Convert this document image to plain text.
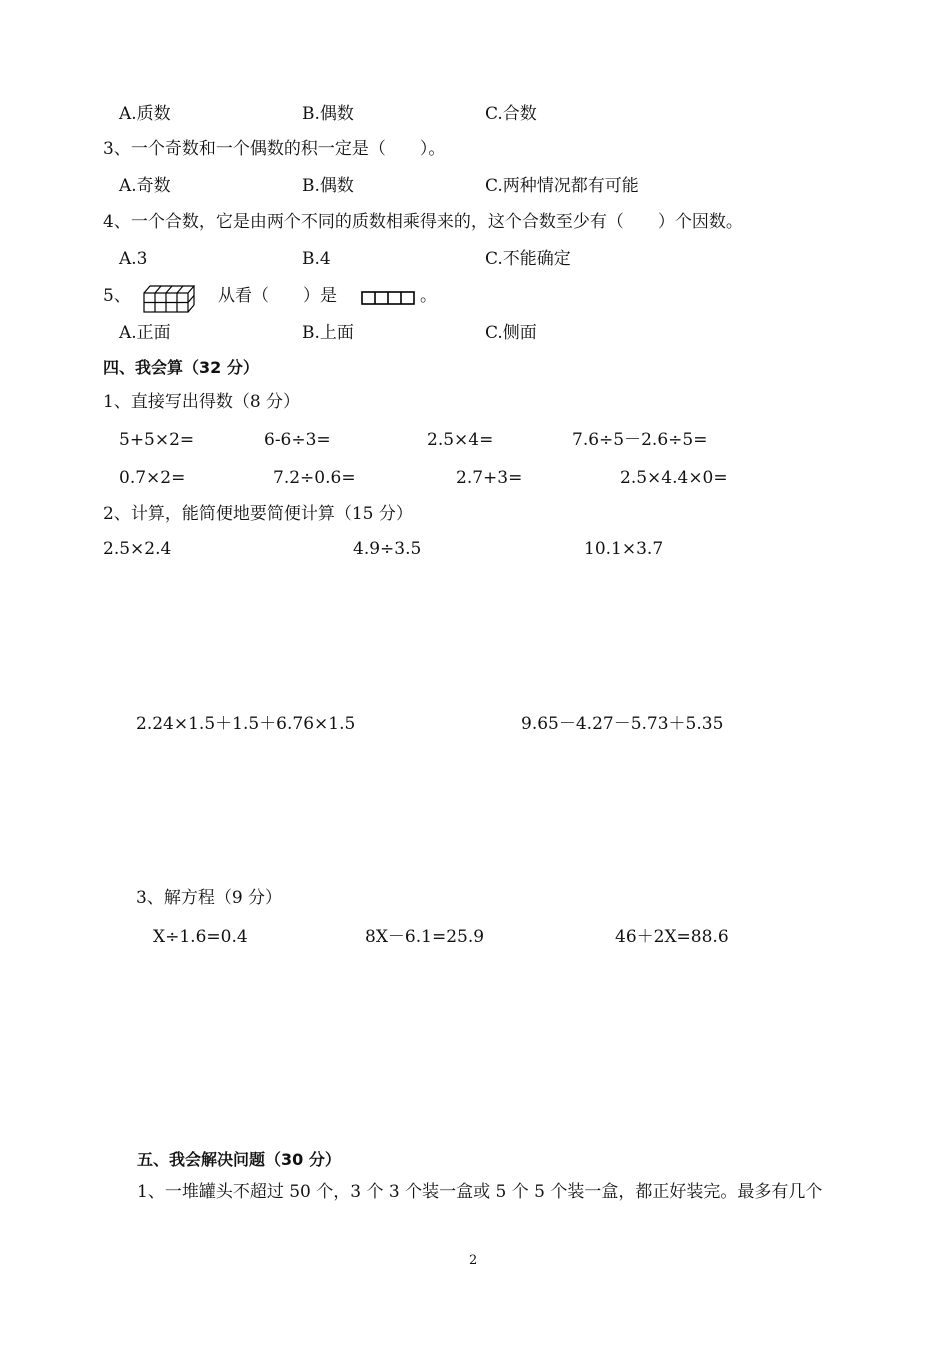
A.质数	B.偶数	C.合数
3、一个奇数和一个偶数的积一定是（　　）。
A.奇数	B.偶数	C.两种情况都有可能
4、一个合数，它是由两个不同的质数相乘得来的，这个合数至少有（　　）个因数。
A.3	B.4	C.不能确定
5、	从看（　　）是	。
A.正面	B.上面	C.侧面
四、我会算（32 分）
1、直接写出得数（8 分）
5+5×2=	6-6÷3=	2.5×4=	7.6÷5－2.6÷5=
0.7×2=	7.2÷0.6=	2.7+3=	2.5×4.4×0=
2、计算，能简便地要简便计算（15 分）
2.5×2.4	4.9÷3.5	10.1×3.7
2.24×1.5＋1.5＋6.76×1.5	9.65－4.27－5.73＋5.35
3、解方程（9 分）
X÷1.6=0.4	8X－6.1=25.9	46＋2X=88.6
五、我会解决问题（30 分）
1、一堆罐头不超过 50 个，3 个 3 个装一盒或 5 个 5 个装一盒，都正好装完。最多有几个
2
